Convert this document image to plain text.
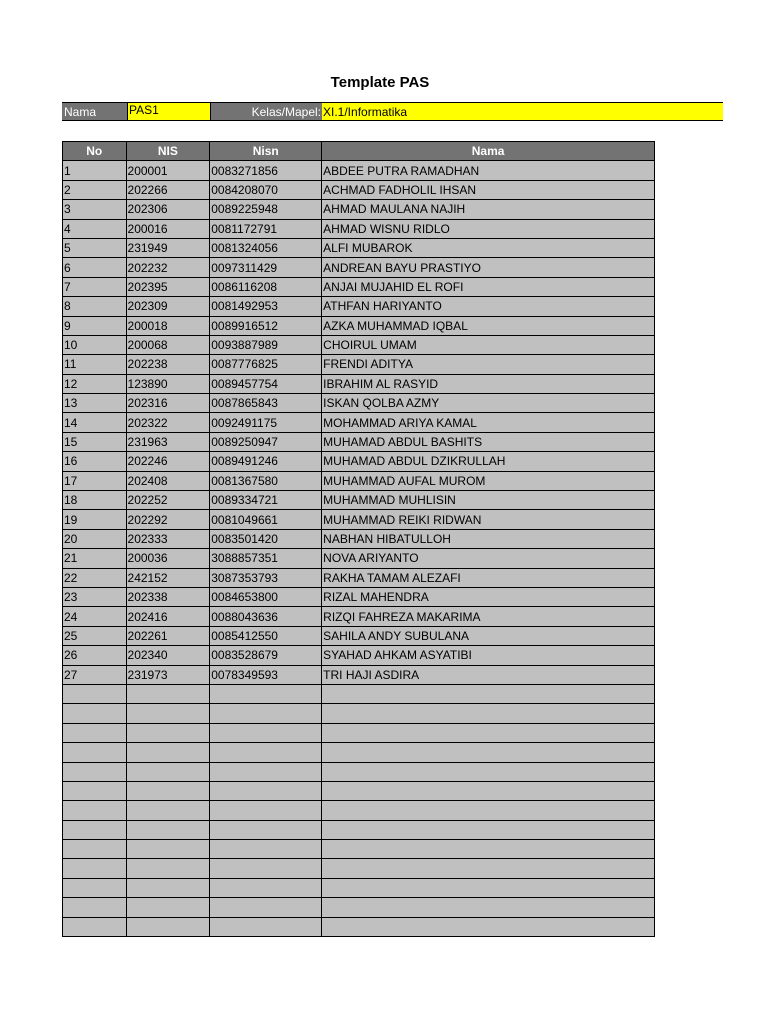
Template PAS
Nama	PAS1	Kelas/Mapel: XI.1/Informatika
No	NIS	Nisn	Nama
1	200001	0083271856	ABDEE PUTRA RAMADHAN
2	202266	0084208070	ACHMAD FADHOLIL IHSAN
3	202306	0089225948	AHMAD MAULANA NAJIH
4	200016	0081172791	AHMAD WISNU RIDLO
5	231949	0081324056	ALFI MUBAROK
6	202232	0097311429	ANDREAN BAYU PRASTIYO
7	202395	0086116208	ANJAI MUJAHID EL ROFI
8	202309	0081492953	ATHFAN HARIYANTO
9	200018	0089916512	AZKA MUHAMMAD IQBAL
10	200068	0093887989	CHOIRUL UMAM
11	202238	0087776825	FRENDI ADITYA
12	123890	0089457754	IBRAHIM AL RASYID
13	202316	0087865843	ISKAN QOLBA AZMY
14	202322	0092491175	MOHAMMAD ARIYA KAMAL
15	231963	0089250947	MUHAMAD ABDUL BASHITS
16	202246	0089491246	MUHAMAD ABDUL DZIKRULLAH
17	202408	0081367580	MUHAMMAD AUFAL MUROM
18	202252	0089334721	MUHAMMAD MUHLISIN
19	202292	0081049661	MUHAMMAD REIKI RIDWAN
20	202333	0083501420	NABHAN HIBATULLOH
21	200036	3088857351	NOVA ARIYANTO
22	242152	3087353793	RAKHA TAMAM ALEZAFI
23	202338	0084653800	RIZAL MAHENDRA
24	202416	0088043636	RIZQI FAHREZA MAKARIMA
25	202261	0085412550	SAHILA ANDY SUBULANA
26	202340	0083528679	SYAHAD AHKAM ASYATIBI
27	231973	0078349593	TRI HAJI ASDIRA
